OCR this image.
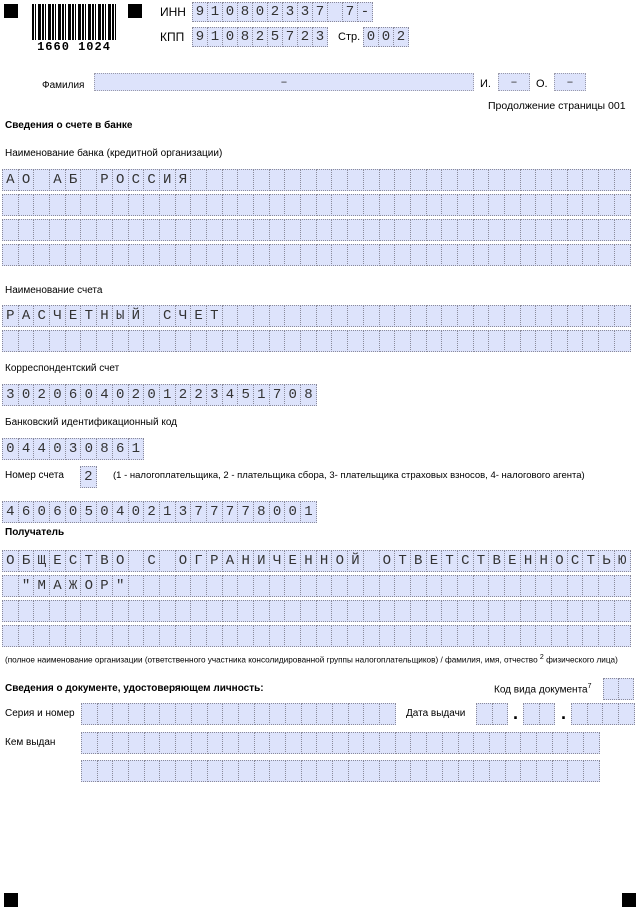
1660 1024
ИНН 9 1 0 8 0 2 3 3 7 7 -
КПП 9 1 0 8 2 5 7 2 3	Стр. 0 0 2
Фамилия	–	И.	–	О.	–
Продолжение страницы 001
Сведения о счете в банке
Наименование банка (кредитной организации)
А О А Б Р О С С И Я
Наименование счета
Р А С Ч Е Т Н Ы Й С Ч Е Т
Корреспондентский счет
3 0 2 0 6 0 4 0 2 0 1 2 2 3 4 5 1 7 0 8
Банковский идентификационный код
0 4 4 0 3 0 8 6 1
Номер счета 2	(1 - налогоплательщика, 2 - плательщика сбора, 3- плательщика страховых взносов, 4- налогового агента)
4 6 0 6 0 5 0 4 0 2 1 3 7 7 7 7 8 0 0 1
Получатель
О Б Щ Е С Т В О С О Г Р А Н И Ч Е Н Н О Й О Т В Е Т С Т В Е Н Н О С Т Ь Ю
" М А Ж О Р "
(полное наименование организации (ответственного участника консолидированной группы налогоплательщиков) / фамилия, имя, отчество $^2$ физического лица)
Сведения о документе, удостоверяющем личность:	Код вида документа$^7$
Серия и номер	Дата выдачи	. .
Кем выдан
